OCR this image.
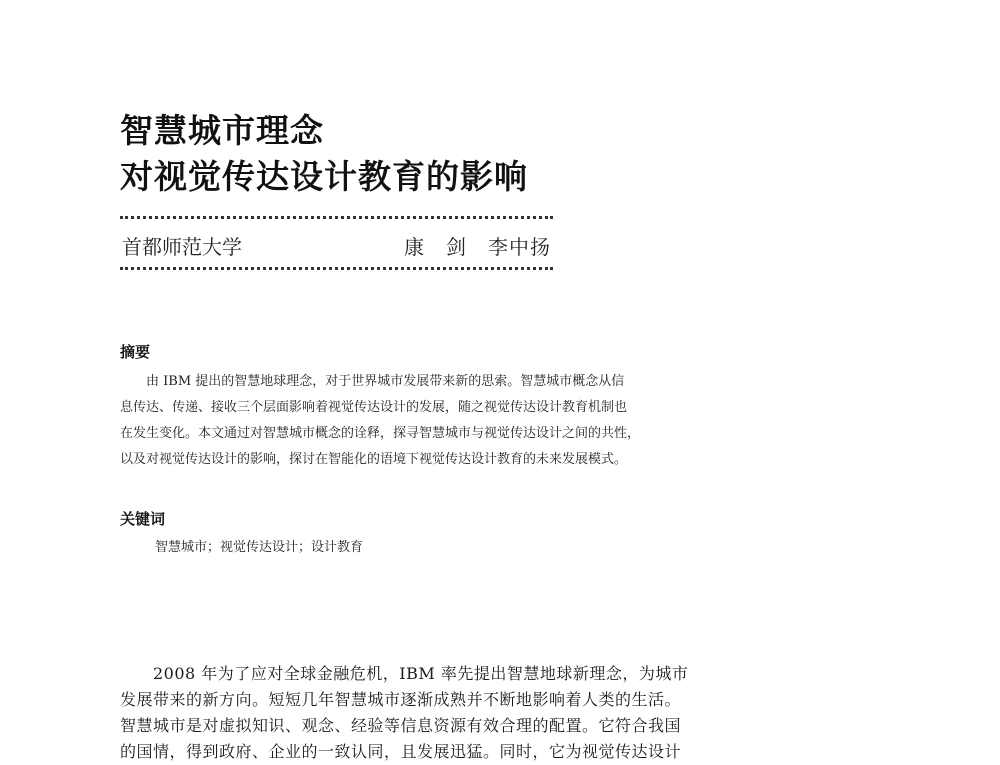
智慧城市理念
对视觉传达设计教育的影响
首都师范大学	康　剑　李中扬
摘要
　　由 IBM 提出的智慧地球理念，对于世界城市发展带来新的思索。智慧城市概念从信
息传达、传递、接收三个层面影响着视觉传达设计的发展，随之视觉传达设计教育机制也
在发生变化。本文通过对智慧城市概念的诠释，探寻智慧城市与视觉传达设计之间的共性，
以及对视觉传达设计的影响，探讨在智能化的语境下视觉传达设计教育的未来发展模式。
关键词
智慧城市；视觉传达设计；设计教育
　　2008 年为了应对全球金融危机，IBM 率先提出智慧地球新理念，为城市
发展带来的新方向。短短几年智慧城市逐渐成熟并不断地影响着人类的生活。
智慧城市是对虚拟知识、观念、经验等信息资源有效合理的配置。它符合我国
的国情，得到政府、企业的一致认同，且发展迅猛。同时，它为视觉传达设计
